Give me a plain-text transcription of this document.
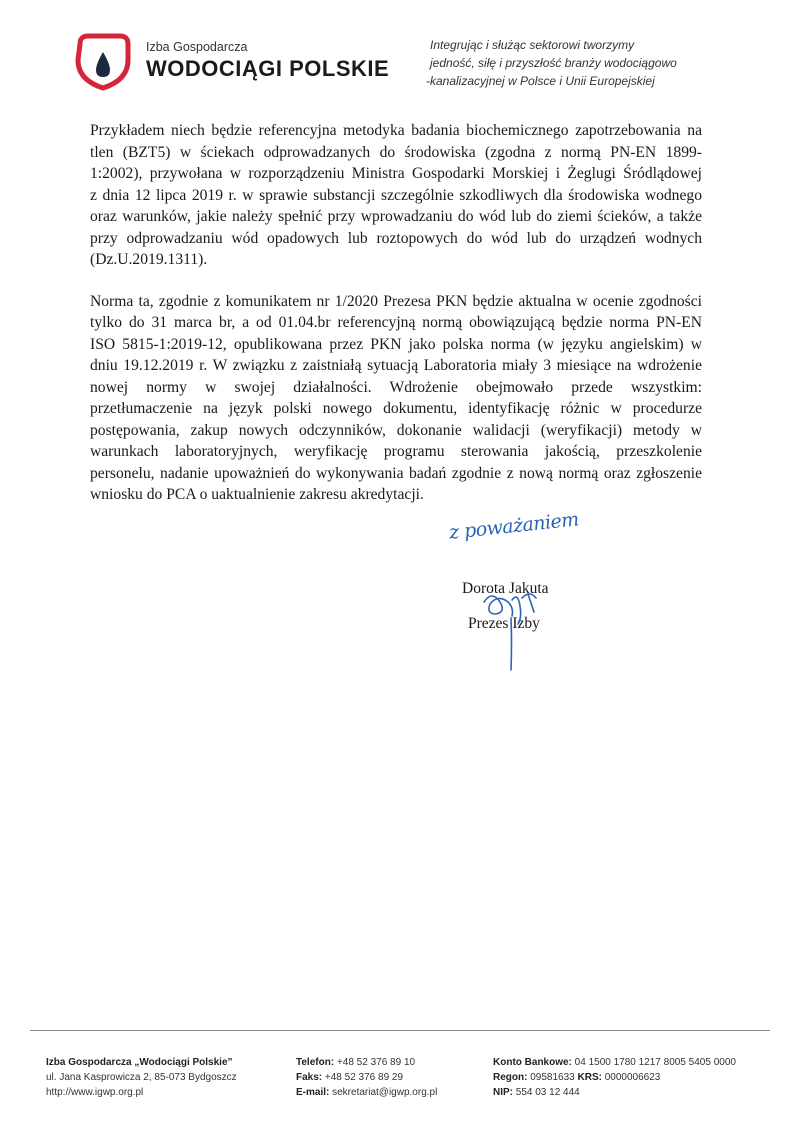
Izba Gospodarcza
WODOCIĄGI POLSKIE
Integrując i służąc sektorowi tworzymy
jedność, siłę i przyszłość branży wodociągowo
-kanalizacyjnej w Polsce i Unii Europejskiej

Przykładem niech będzie referencyjna metodyka badania biochemicznego zapotrzebowania na
tlen (BZT5) w ściekach odprowadzanych do środowiska (zgodna z normą PN-EN 1899-
1:2002), przywołana w rozporządzeniu Ministra Gospodarki Morskiej i Żeglugi Śródlądowej
z dnia 12 lipca 2019 r. w sprawie substancji szczególnie szkodliwych dla środowiska wodnego
oraz warunków, jakie należy spełnić przy wprowadzaniu do wód lub do ziemi ścieków, a także
przy odprowadzaniu wód opadowych lub roztopowych do wód lub do urządzeń wodnych
(Dz.U.2019.1311).

Norma ta, zgodnie z komunikatem nr 1/2020 Prezesa PKN będzie aktualna w ocenie zgodności
tylko do 31 marca br, a od 01.04.br referencyjną normą obowiązującą będzie norma PN-EN
ISO 5815-1:2019-12, opublikowana przez PKN jako polska norma (w języku angielskim) w
dniu 19.12.2019 r. W związku z zaistniałą sytuacją Laboratoria miały 3 miesiące na wdrożenie
nowej normy w swojej działalności. Wdrożenie obejmowało przede wszystkim:
przetłumaczenie na język polski nowego dokumentu, identyfikację różnic w procedurze
postępowania, zakup nowych odczynników, dokonanie walidacji (weryfikacji) metody w
warunkach laboratoryjnych, weryfikację programu sterowania jakością, przeszkolenie
personelu, nadanie upoważnień do wykonywania badań zgodnie z nową normą oraz zgłoszenie
wniosku do PCA o uaktualnienie zakresu akredytacji.

z poważaniem
Dorota Jakuta
Prezes Izby
Izba Gospodarcza „Wodociągi Polskie”
ul. Jana Kasprowicza 2, 85-073 Bydgoszcz
http://www.igwp.org.pl
Telefon: +48 52 376 89 10
Faks: +48 52 376 89 29
E-mail: sekretariat@igwp.org.pl
Konto Bankowe: 04 1500 1780 1217 8005 5405 0000
Regon: 09581633 KRS: 0000006623
NIP: 554 03 12 444
